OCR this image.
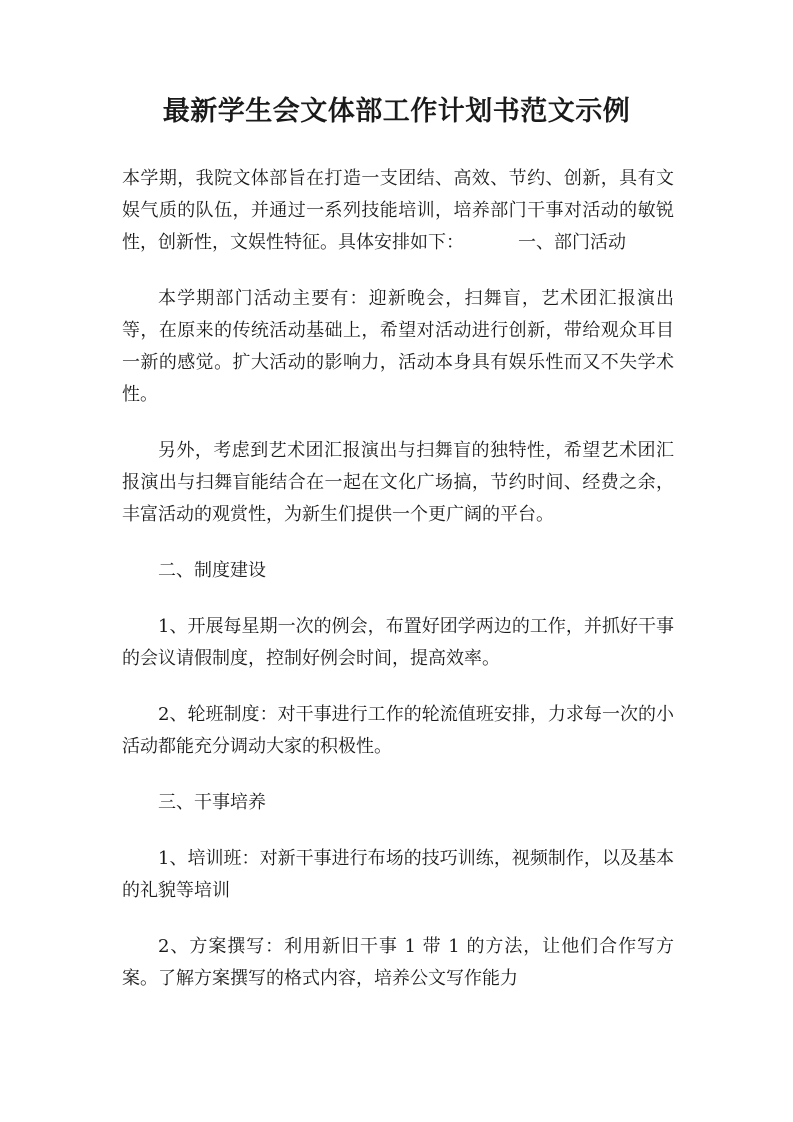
最新学生会文体部工作计划书范文示例

本学期，我院文体部旨在打造一支团结、高效、节约、创新，具有文娱气质的队伍，并通过一系列技能培训，培养部门干事对活动的敏锐性，创新性，文娱性特征。具体安排如下：	一、部门活动

本学期部门活动主要有：迎新晚会，扫舞盲，艺术团汇报演出等，在原来的传统活动基础上，希望对活动进行创新，带给观众耳目一新的感觉。扩大活动的影响力，活动本身具有娱乐性而又不失学术性。

另外，考虑到艺术团汇报演出与扫舞盲的独特性，希望艺术团汇报演出与扫舞盲能结合在一起在文化广场搞，节约时间、经费之余，丰富活动的观赏性，为新生们提供一个更广阔的平台。

二、制度建设

1、开展每星期一次的例会，布置好团学两边的工作，并抓好干事的会议请假制度，控制好例会时间，提高效率。

2、轮班制度：对干事进行工作的轮流值班安排，力求每一次的小活动都能充分调动大家的积极性。

三、干事培养

1、培训班：对新干事进行布场的技巧训练，视频制作，以及基本的礼貌等培训

2、方案撰写：利用新旧干事 1 带 1 的方法，让他们合作写方案。了解方案撰写的格式内容，培养公文写作能力
